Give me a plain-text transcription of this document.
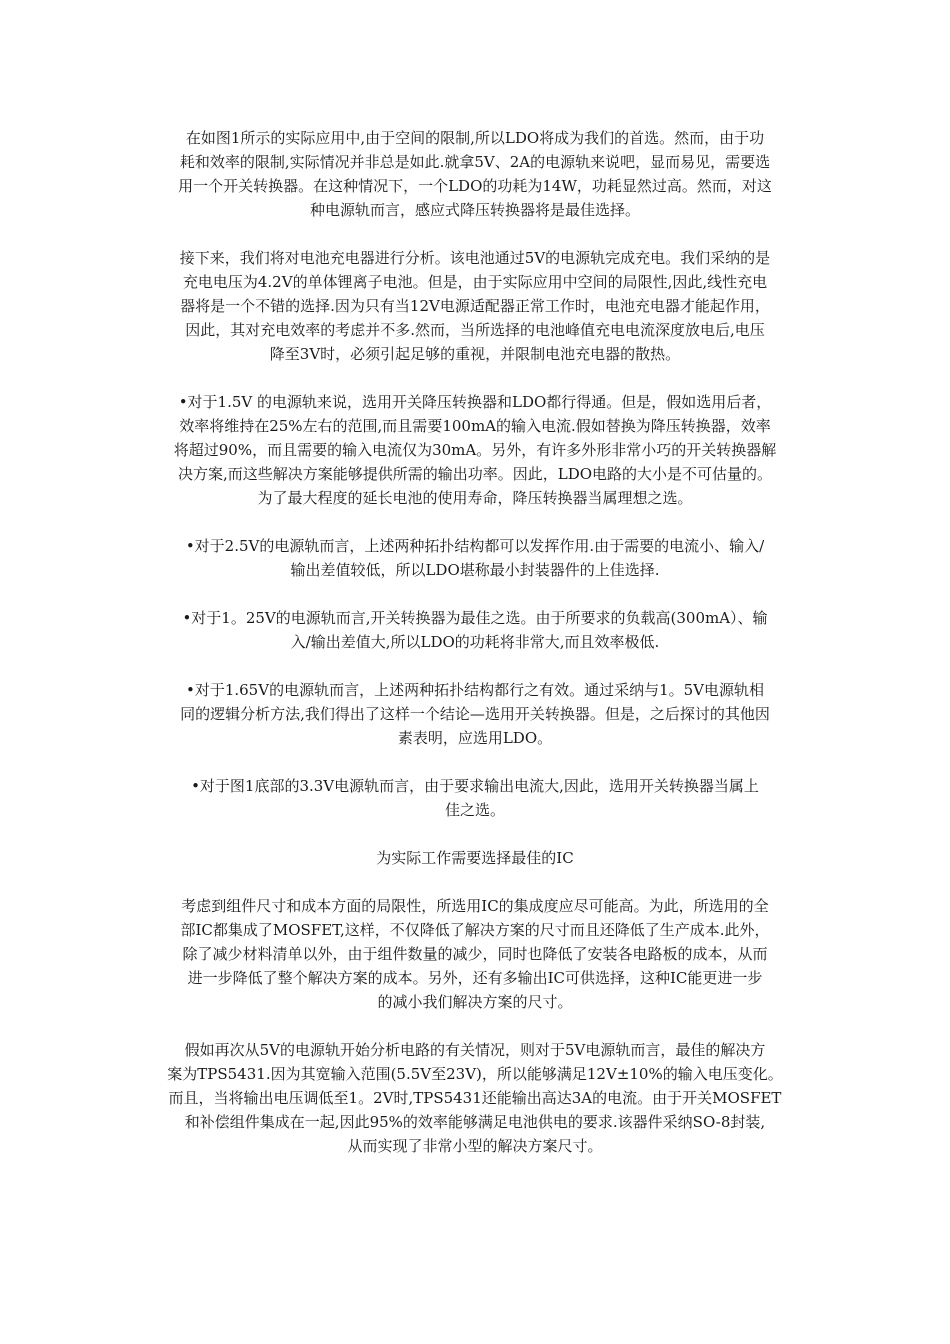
在如图1所示的实际应用中,由于空间的限制,所以LDO将成为我们的首选。然而，由于功
耗和效率的限制,实际情况并非总是如此.就拿5V、2A的电源轨来说吧，显而易见，需要选
用一个开关转换器。在这种情况下，一个LDO的功耗为14W，功耗显然过高。然而，对这
种电源轨而言，感应式降压转换器将是最佳选择。

接下来，我们将对电池充电器进行分析。该电池通过5V的电源轨完成充电。我们采纳的是
充电电压为4.2V的单体锂离子电池。但是，由于实际应用中空间的局限性,因此,线性充电
器将是一个不错的选择.因为只有当12V电源适配器正常工作时，电池充电器才能起作用，
因此，其对充电效率的考虑并不多.然而，当所选择的电池峰值充电电流深度放电后,电压
降至3V时，必须引起足够的重视，并限制电池充电器的散热。

•对于1.5V 的电源轨来说，选用开关降压转换器和LDO都行得通。但是，假如选用后者，
效率将维持在25%左右的范围,而且需要100mA的输入电流.假如替换为降压转换器，效率
将超过90%，而且需要的输入电流仅为30mA。另外，有许多外形非常小巧的开关转换器解
决方案,而这些解决方案能够提供所需的输出功率。因此，LDO电路的大小是不可估量的。
为了最大程度的延长电池的使用寿命，降压转换器当属理想之选。

•对于2.5V的电源轨而言，上述两种拓扑结构都可以发挥作用.由于需要的电流小、输入/
输出差值较低，所以LDO堪称最小封装器件的上佳选择.

•对于1。25V的电源轨而言,开关转换器为最佳之选。由于所要求的负载高(300mA）、输
入/输出差值大,所以LDO的功耗将非常大,而且效率极低.

•对于1.65V的电源轨而言，上述两种拓扑结构都行之有效。通过采纳与1。5V电源轨相
同的逻辑分析方法,我们得出了这样一个结论—选用开关转换器。但是，之后探讨的其他因
素表明，应选用LDO。

•对于图1底部的3.3V电源轨而言，由于要求输出电流大,因此，选用开关转换器当属上
佳之选。

为实际工作需要选择最佳的IC

考虑到组件尺寸和成本方面的局限性，所选用IC的集成度应尽可能高。为此，所选用的全
部IC都集成了MOSFET,这样，不仅降低了解决方案的尺寸而且还降低了生产成本.此外，
除了减少材料清单以外，由于组件数量的减少，同时也降低了安装各电路板的成本，从而
进一步降低了整个解决方案的成本。另外，还有多输出IC可供选择，这种IC能更进一步
的减小我们解决方案的尺寸。

假如再次从5V的电源轨开始分析电路的有关情况，则对于5V电源轨而言，最佳的解决方
案为TPS5431.因为其宽输入范围(5.5V至23V)，所以能够满足12V±10%的输入电压变化。
而且，当将输出电压调低至1。2V时,TPS5431还能输出高达3A的电流。由于开关MOSFET
和补偿组件集成在一起,因此95%的效率能够满足电池供电的要求.该器件采纳SO-8封装,
从而实现了非常小型的解决方案尺寸。
